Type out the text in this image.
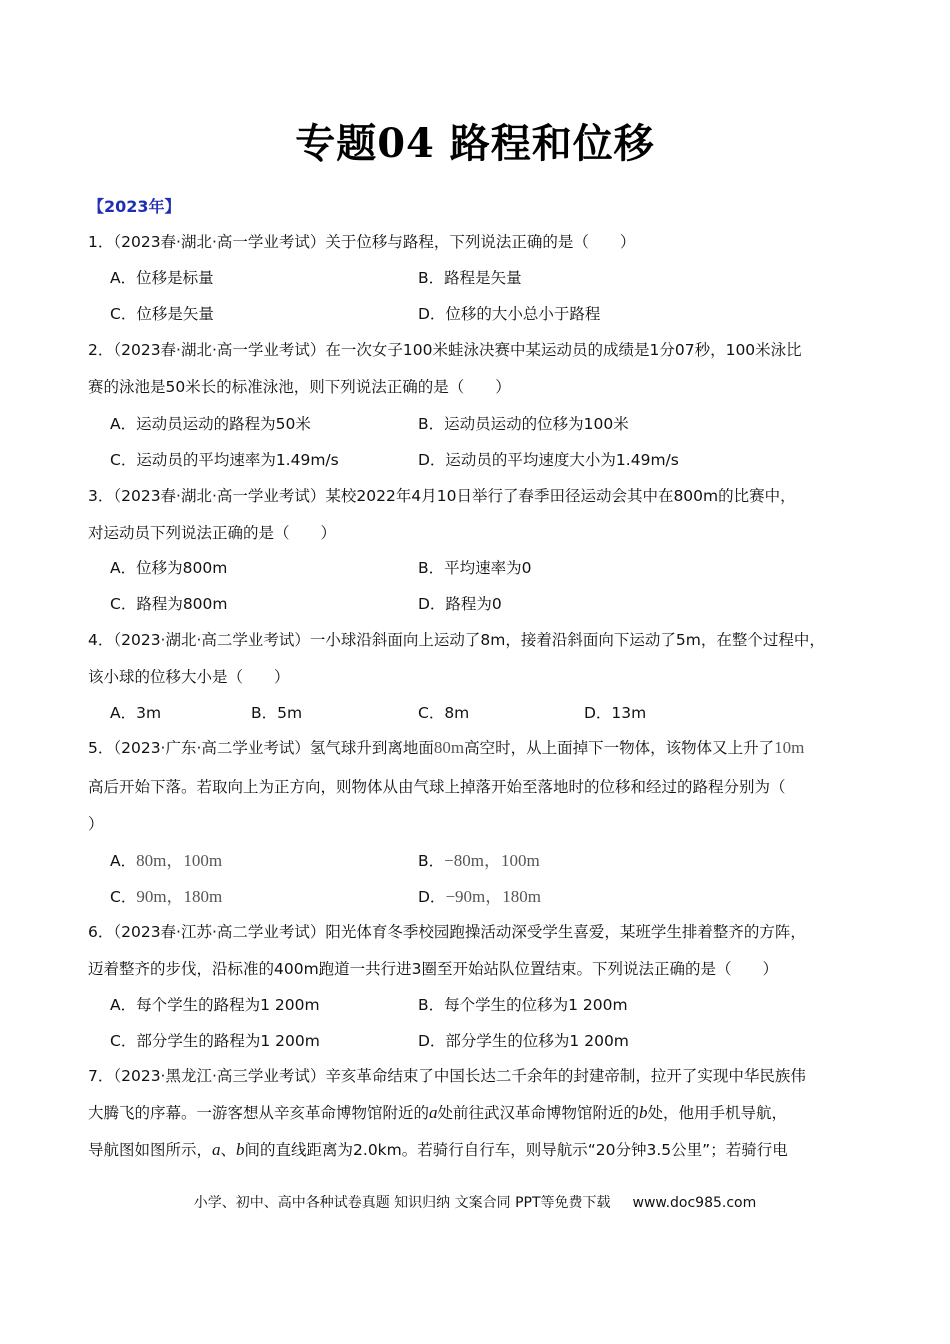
专题04 路程和位移
【2023年】
1．（2023春·湖北·高一学业考试）关于位移与路程，下列说法正确的是（　　）
A．位移是标量	B．路程是矢量
C．位移是矢量	D．位移的大小总小于路程
2．（2023春·湖北·高一学业考试）在一次女子100米蛙泳决赛中某运动员的成绩是1分07秒，100米泳比
赛的泳池是50米长的标准泳池，则下列说法正确的是（　　）
A．运动员运动的路程为50米	B．运动员运动的位移为100米
C．运动员的平均速率为1.49m/s	D．运动员的平均速度大小为1.49m/s
3．（2023春·湖北·高一学业考试）某校2022年4月10日举行了春季田径运动会其中在800m的比赛中，
对运动员下列说法正确的是（　　）
A．位移为800m	B．平均速率为0
C．路程为800m	D．路程为0
4．（2023·湖北·高二学业考试）一小球沿斜面向上运动了8m，接着沿斜面向下运动了5m，在整个过程中，
该小球的位移大小是（　　）
A．3m	B．5m	C．8m	D．13m
5．（2023·广东·高二学业考试）氢气球升到离地面80m高空时，从上面掉下一物体，该物体又上升了10m
高后开始下落。若取向上为正方向，则物体从由气球上掉落开始至落地时的位移和经过的路程分别为（
）
A．80m，100m	B．−80m，100m
C．90m，180m	D．−90m，180m
6．（2023春·江苏·高二学业考试）阳光体育冬季校园跑操活动深受学生喜爱，某班学生排着整齐的方阵，
迈着整齐的步伐，沿标准的400m跑道一共行进3圈至开始站队位置结束。下列说法正确的是（　　）
A．每个学生的路程为1 200m	B．每个学生的位移为1 200m
C．部分学生的路程为1 200m	D．部分学生的位移为1 200m
7．（2023·黑龙江·高三学业考试）辛亥革命结束了中国长达二千余年的封建帝制，拉开了实现中华民族伟
大腾飞的序幕。一游客想从辛亥革命博物馆附近的a处前往武汉革命博物馆附近的b处，他用手机导航，
导航图如图所示，a、b间的直线距离为2.0km。若骑行自行车，则导航示“20分钟3.5公里”；若骑行电
小学、初中、高中各种试卷真题 知识归纳 文案合同 PPT等免费下载 www.doc985.com
